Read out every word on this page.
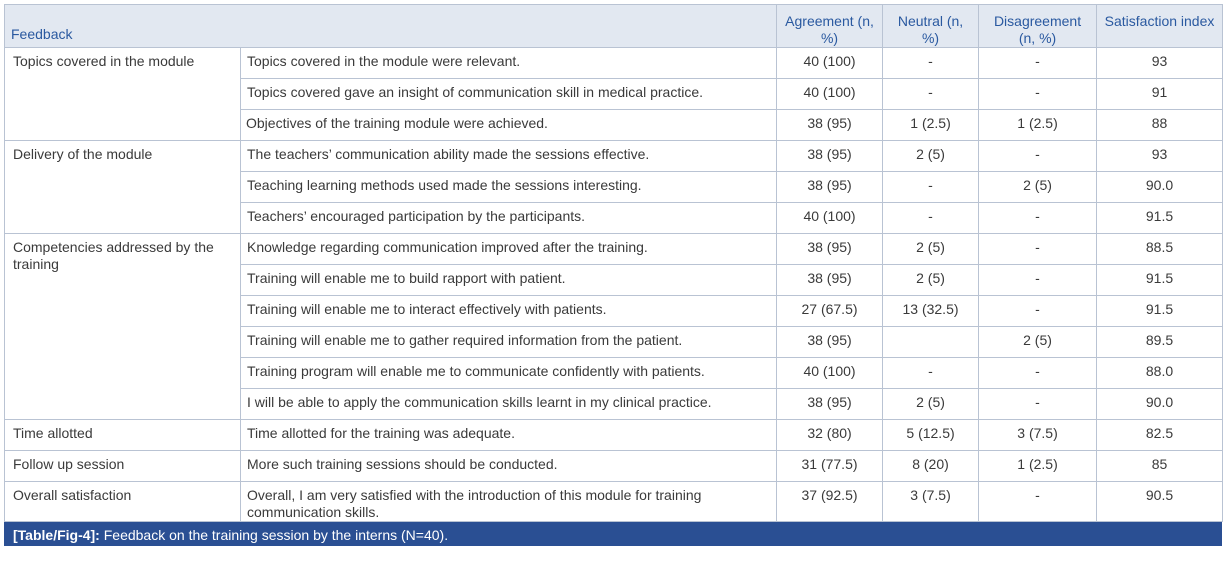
Feedback		Agreement (n, %)	Neutral (n, %)	Disagreement (n, %)	Satisfaction index
Topics covered in the module	Topics covered in the module were relevant.	40 (100)	-	-	93
	Topics covered gave an insight of communication skill in medical practice.	40 (100)	-	-	91
	Objectives of the training module were achieved.	38 (95)	1 (2.5)	1 (2.5)	88
Delivery of the module	The teachers’ communication ability made the sessions effective.	38 (95)	2 (5)	-	93
	Teaching learning methods used made the sessions interesting.	38 (95)	-	2 (5)	90.0
	Teachers’ encouraged participation by the participants.	40 (100)	-	-	91.5
Competencies addressed by the training	Knowledge regarding communication improved after the training.	38 (95)	2 (5)	-	88.5
	Training will enable me to build rapport with patient.	38 (95)	2 (5)	-	91.5
	Training will enable me to interact effectively with patients.	27 (67.5)	13 (32.5)	-	91.5
	Training will enable me to gather required information from the patient.	38 (95)		2 (5)	89.5
	Training program will enable me to communicate confidently with patients.	40 (100)	-	-	88.0
	I will be able to apply the communication skills learnt in my clinical practice.	38 (95)	2 (5)	-	90.0
Time allotted	Time allotted for the training was adequate.	32 (80)	5 (12.5)	3 (7.5)	82.5
Follow up session	More such training sessions should be conducted.	31 (77.5)	8 (20)	1 (2.5)	85
Overall satisfaction	Overall, I am very satisfied with the introduction of this module for training communication skills.	37 (92.5)	3 (7.5)	-	90.5
[Table/Fig-4]: Feedback on the training session by the interns (N=40).
